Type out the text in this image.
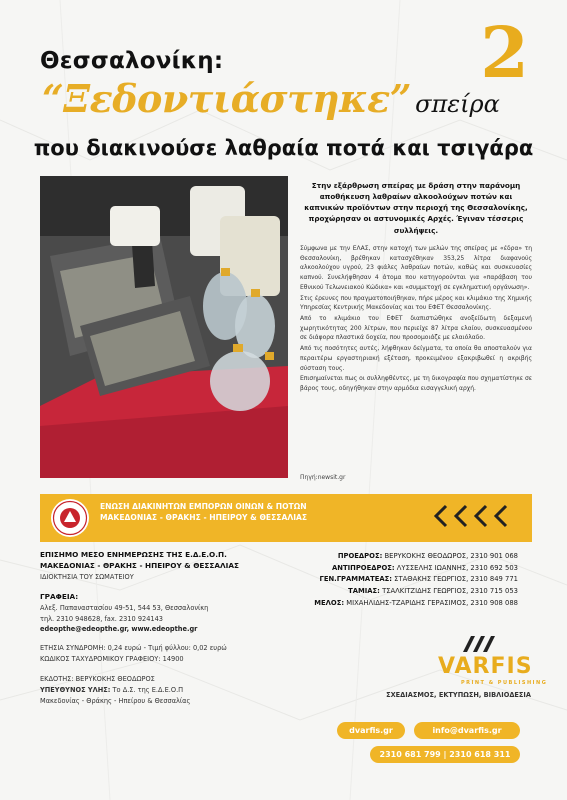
2
Θεσσαλονίκη:
“Ξεδοντιάστηκε” σπείρα
που διακινούσε λαθραία ποτά και τσιγάρα
Στην εξάρθρωση σπείρας με δράση στην παράνομη αποθήκευση λαθραίων αλκοολούχων ποτών και καπνικών προϊόντων στην περιοχή της Θεσσαλονίκης, προχώρησαν οι αστυνομικές Αρχές. Έγιναν τέσσερις συλλήψεις.

Σύμφωνα με την ΕΛΑΣ, στην κατοχή των μελών της σπείρας με «έδρα» τη Θεσσαλονίκη, βρέθηκαν κατασχέθηκαν 353,25 λίτρα διαφανούς αλκοολούχου υγρού, 23 φιάλες λαθραίων ποτών, καθώς και συσκευασίες καπνού. Συνελήφθησαν 4 άτομα που κατηγορούνται για «παράβαση του Εθνικού Τελωνειακού Κώδικα» και «συμμετοχή σε εγκληματική οργάνωση».

Στις έρευνες που πραγματοποιήθηκαν, πήρε μέρος και κλιμάκιο της Χημικής Υπηρεσίας Κεντρικής Μακεδονίας και του ΕΦΕΤ Θεσσαλονίκης.

Από το κλιμάκιο του ΕΦΕΤ διαπιστώθηκε ανοξείδωτη δεξαμενή χωρητικότητας 200 λίτρων, που περιείχε 87 λίτρα ελαίου, συσκευασμένου σε διάφορα πλαστικά δοχεία, που προσομοιάζε με ελαιόλαδο.

Από τις ποσότητες αυτές, λήφθηκαν δείγματα, τα οποία θα αποσταλούν για περαιτέρω εργαστηριακή εξέταση, προκειμένου εξακριβωθεί η ακριβής σύσταση τους.

Επισημαίνεται πως οι συλληφθέντες, με τη δικογραφία που σχηματίστηκε σε βάρος τους, οδηγήθηκαν στην αρμόδια εισαγγελική αρχή.

Πηγή:newsit.gr
ΕΝΩΣΗ ΔΙΑΚΙΝΗΤΩΝ ΕΜΠΟΡΩΝ ΟΙΝΩΝ & ΠΟΤΩΝ
ΜΑΚΕΔΟΝΙΑΣ - ΘΡΑΚΗΣ - ΗΠΕΙΡΟΥ & ΘΕΣΣΑΛΙΑΣ
ΕΠΙΣΗΜΟ ΜΕΣΟ ΕΝΗΜΕΡΩΣΗΣ ΤΗΣ Ε.Δ.Ε.Ο.Π.
ΜΑΚΕΔΟΝΙΑΣ - ΘΡΑΚΗΣ - ΗΠΕΙΡΟΥ & ΘΕΣΣΑΛΙΑΣ
ΙΔΙΟΚΤΗΣΙΑ ΤΟΥ ΣΩΜΑΤΕΙΟΥ
ΓΡΑΦΕΙΑ:
Αλεξ. Παπαναστασίου 49-51, 544 53, Θεσσαλονίκη
τηλ. 2310 948628, fax. 2310 924143
edeopthe@edeopthe.gr, www.edeopthe.gr
ΕΤΗΣΙΑ ΣΥΝΔΡΟΜΗ: 0,24 ευρώ - Τιμή φύλλου: 0,02 ευρώ
ΚΩΔΙΚΟΣ ΤΑΧΥΔΡΟΜΙΚΟΥ ΓΡΑΦΕΙΟΥ: 14900
ΕΚΔΟΤΗΣ: ΒΕΡΥΚΟΚΗΣ ΘΕΟΔΩΡΟΣ
ΥΠΕΥΘΥΝΟΣ ΥΛΗΣ: Το Δ.Σ. της Ε.Δ.Ε.Ο.Π
Μακεδονίας - Θράκης - Ηπείρου & Θεσσαλίας
ΠΡΟΕΔΡΟΣ: ΒΕΡΥΚΟΚΗΣ ΘΕΟΔΩΡΟΣ, 2310 901 068
ΑΝΤΙΠΡΟΕΔΡΟΣ: ΛΥΣΣΕΛΗΣ ΙΩΑΝΝΗΣ, 2310 692 503
ΓΕΝ.ΓΡΑΜΜΑΤΕΑΣ: ΣΤΑΘΑΚΗΣ ΓΕΩΡΓΙΟΣ, 2310 849 771
ΤΑΜΙΑΣ: ΤΣΑΛΚΙΤΖΙΔΗΣ ΓΕΩΡΓΙΟΣ, 2310 715 053
ΜΕΛΟΣ: ΜΙΧΑΗΛΙΔΗΣ-ΤΖΑΡΙΔΗΣ ΓΕΡΑΣΙΜΟΣ, 2310 908 088
VARFIS
PRINT & PUBLISHING
ΣΧΕΔΙΑΣΜΟΣ, ΕΚΤΥΠΩΣΗ, ΒΙΒΛΙΟΔΕΣΙΑ
dvarfis.gr	info@dvarfis.gr
2310 681 799 | 2310 618 311
